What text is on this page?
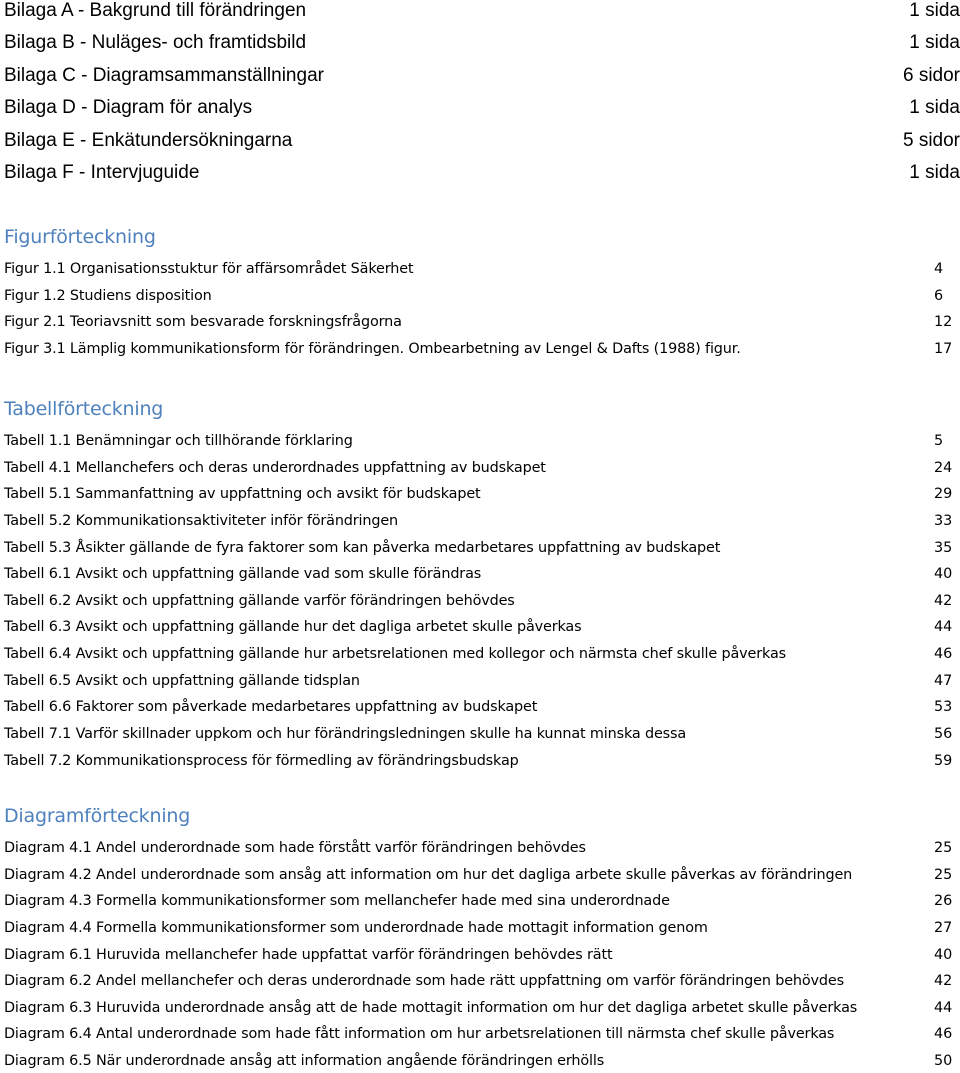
Bilaga A - Bakgrund till förändringen	1 sida
Bilaga B - Nuläges- och framtidsbild	1 sida
Bilaga C - Diagramsammanställningar	6 sidor
Bilaga D - Diagram för analys	1 sida
Bilaga E - Enkätundersökningarna	5 sidor
Bilaga F - Intervjuguide	1 sida
Figurförteckning
Figur 1.1 Organisationsstuktur för affärsområdet Säkerhet	4
Figur 1.2 Studiens disposition	6
Figur 2.1 Teoriavsnitt som besvarade forskningsfrågorna	12
Figur 3.1 Lämplig kommunikationsform för förändringen. Ombearbetning av Lengel & Dafts (1988) figur.	17
Tabellförteckning
Tabell 1.1 Benämningar och tillhörande förklaring	5
Tabell 4.1 Mellanchefers och deras underordnades uppfattning av budskapet	24
Tabell 5.1 Sammanfattning av uppfattning och avsikt för budskapet	29
Tabell 5.2 Kommunikationsaktiviteter inför förändringen	33
Tabell 5.3 Åsikter gällande de fyra faktorer som kan påverka medarbetares uppfattning av budskapet	35
Tabell 6.1 Avsikt och uppfattning gällande vad som skulle förändras	40
Tabell 6.2 Avsikt och uppfattning gällande varför förändringen behövdes	42
Tabell 6.3 Avsikt och uppfattning gällande hur det dagliga arbetet skulle påverkas	44
Tabell 6.4 Avsikt och uppfattning gällande hur arbetsrelationen med kollegor och närmsta chef skulle påverkas	46
Tabell 6.5 Avsikt och uppfattning gällande tidsplan	47
Tabell 6.6 Faktorer som påverkade medarbetares uppfattning av budskapet	53
Tabell 7.1 Varför skillnader uppkom och hur förändringsledningen skulle ha kunnat minska dessa	56
Tabell 7.2 Kommunikationsprocess för förmedling av förändringsbudskap	59
Diagramförteckning
Diagram 4.1 Andel underordnade som hade förstått varför förändringen behövdes	25
Diagram 4.2 Andel underordnade som ansåg att information om hur det dagliga arbete skulle påverkas av förändringen	25
Diagram 4.3 Formella kommunikationsformer som mellanchefer hade med sina underordnade	26
Diagram 4.4 Formella kommunikationsformer som underordnade hade mottagit information genom	27
Diagram 6.1 Huruvida mellanchefer hade uppfattat varför förändringen behövdes rätt	40
Diagram 6.2 Andel mellanchefer och deras underordnade som hade rätt uppfattning om varför förändringen behövdes	42
Diagram 6.3 Huruvida underordnade ansåg att de hade mottagit information om hur det dagliga arbetet skulle påverkas	44
Diagram 6.4 Antal underordnade som hade fått information om hur arbetsrelationen till närmsta chef skulle påverkas	46
Diagram 6.5 När underordnade ansåg att information angående förändringen erhölls	50
